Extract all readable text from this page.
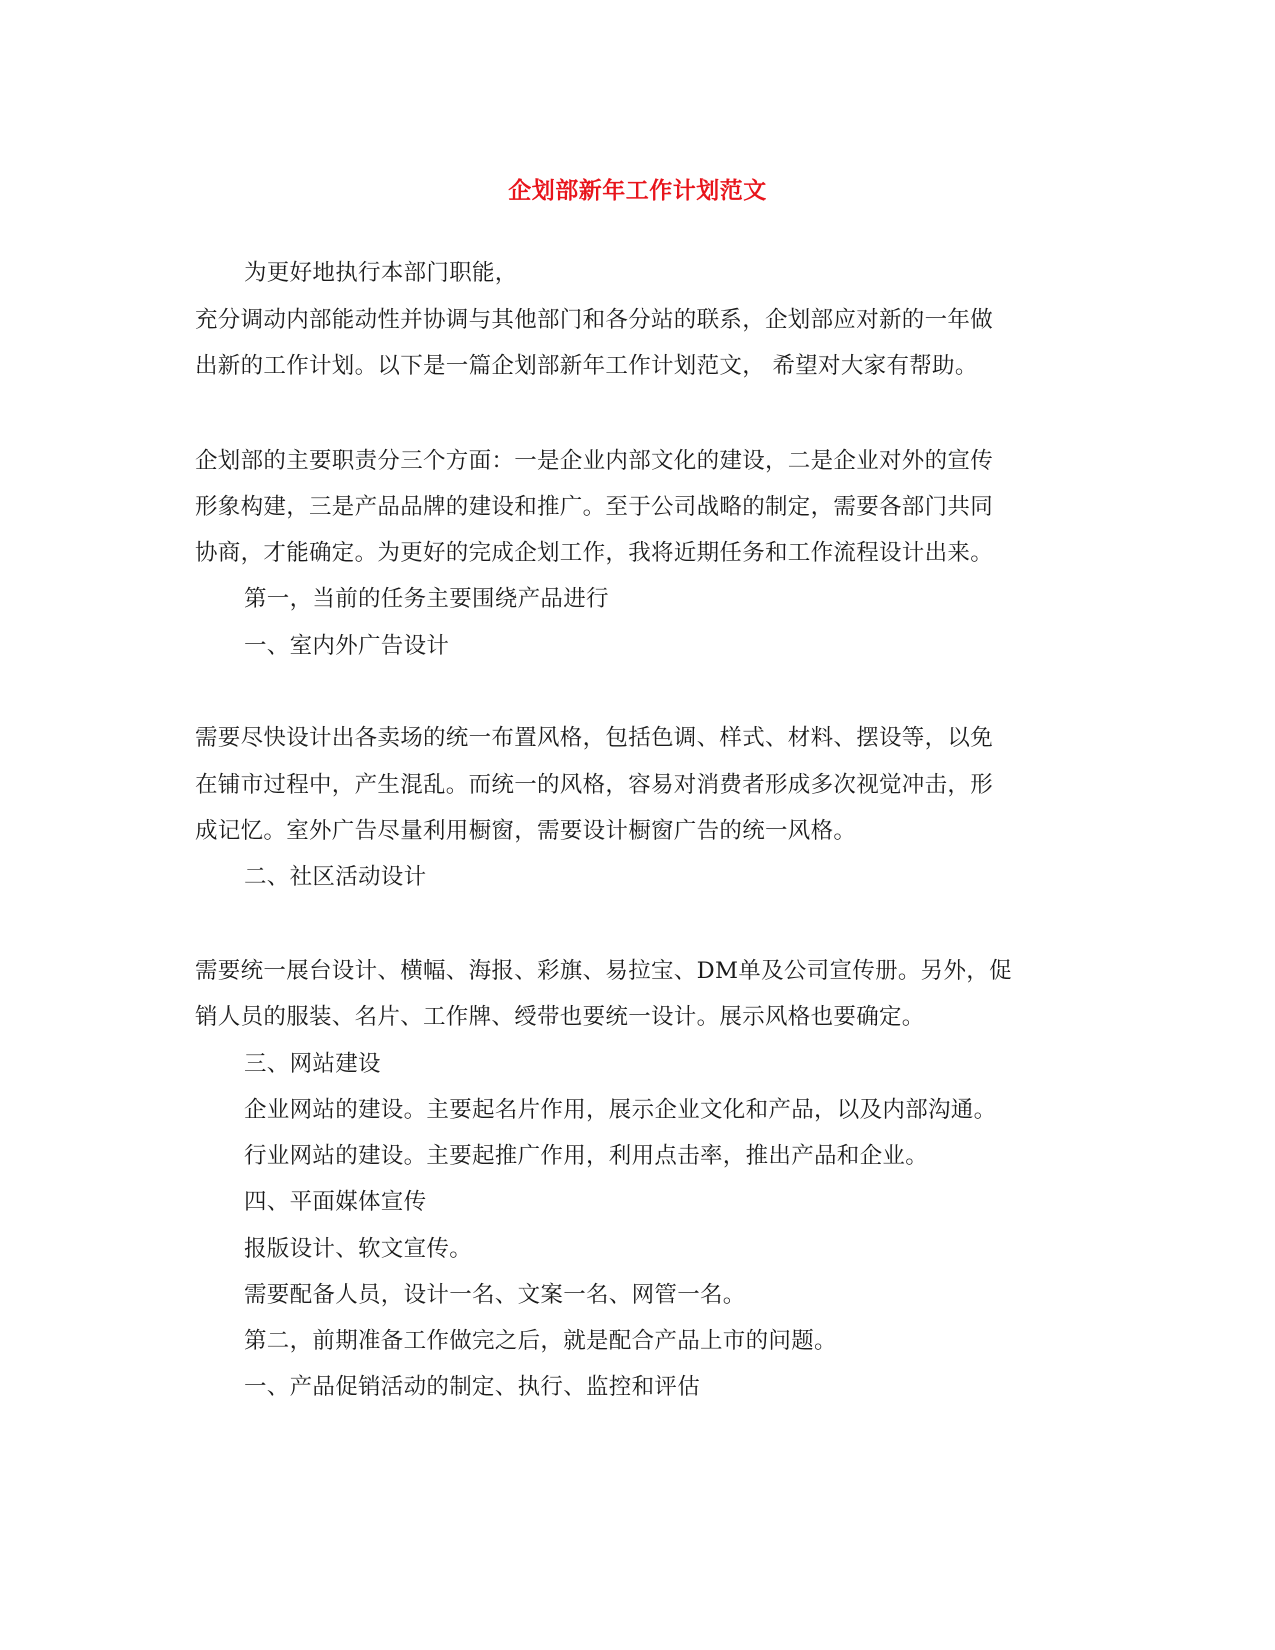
企划部新年工作计划范文
为更好地执行本部门职能，
充分调动内部能动性并协调与其他部门和各分站的联系，企划部应对新的一年做
出新的工作计划。以下是一篇企划部新年工作计划范文， 希望对大家有帮助。
企划部的主要职责分三个方面：一是企业内部文化的建设，二是企业对外的宣传
形象构建，三是产品品牌的建设和推广。至于公司战略的制定，需要各部门共同
协商，才能确定。为更好的完成企划工作，我将近期任务和工作流程设计出来。
第一，当前的任务主要围绕产品进行
一、室内外广告设计
需要尽快设计出各卖场的统一布置风格，包括色调、样式、材料、摆设等，以免
在铺市过程中，产生混乱。而统一的风格，容易对消费者形成多次视觉冲击，形
成记忆。室外广告尽量利用橱窗，需要设计橱窗广告的统一风格。
二、社区活动设计
需要统一展台设计、横幅、海报、彩旗、易拉宝、DM单及公司宣传册。另外，促
销人员的服装、名片、工作牌、绶带也要统一设计。展示风格也要确定。
三、网站建设
企业网站的建设。主要起名片作用，展示企业文化和产品，以及内部沟通。
行业网站的建设。主要起推广作用，利用点击率，推出产品和企业。
四、平面媒体宣传
报版设计、软文宣传。
需要配备人员，设计一名、文案一名、网管一名。
第二，前期准备工作做完之后，就是配合产品上市的问题。
一、产品促销活动的制定、执行、监控和评估
